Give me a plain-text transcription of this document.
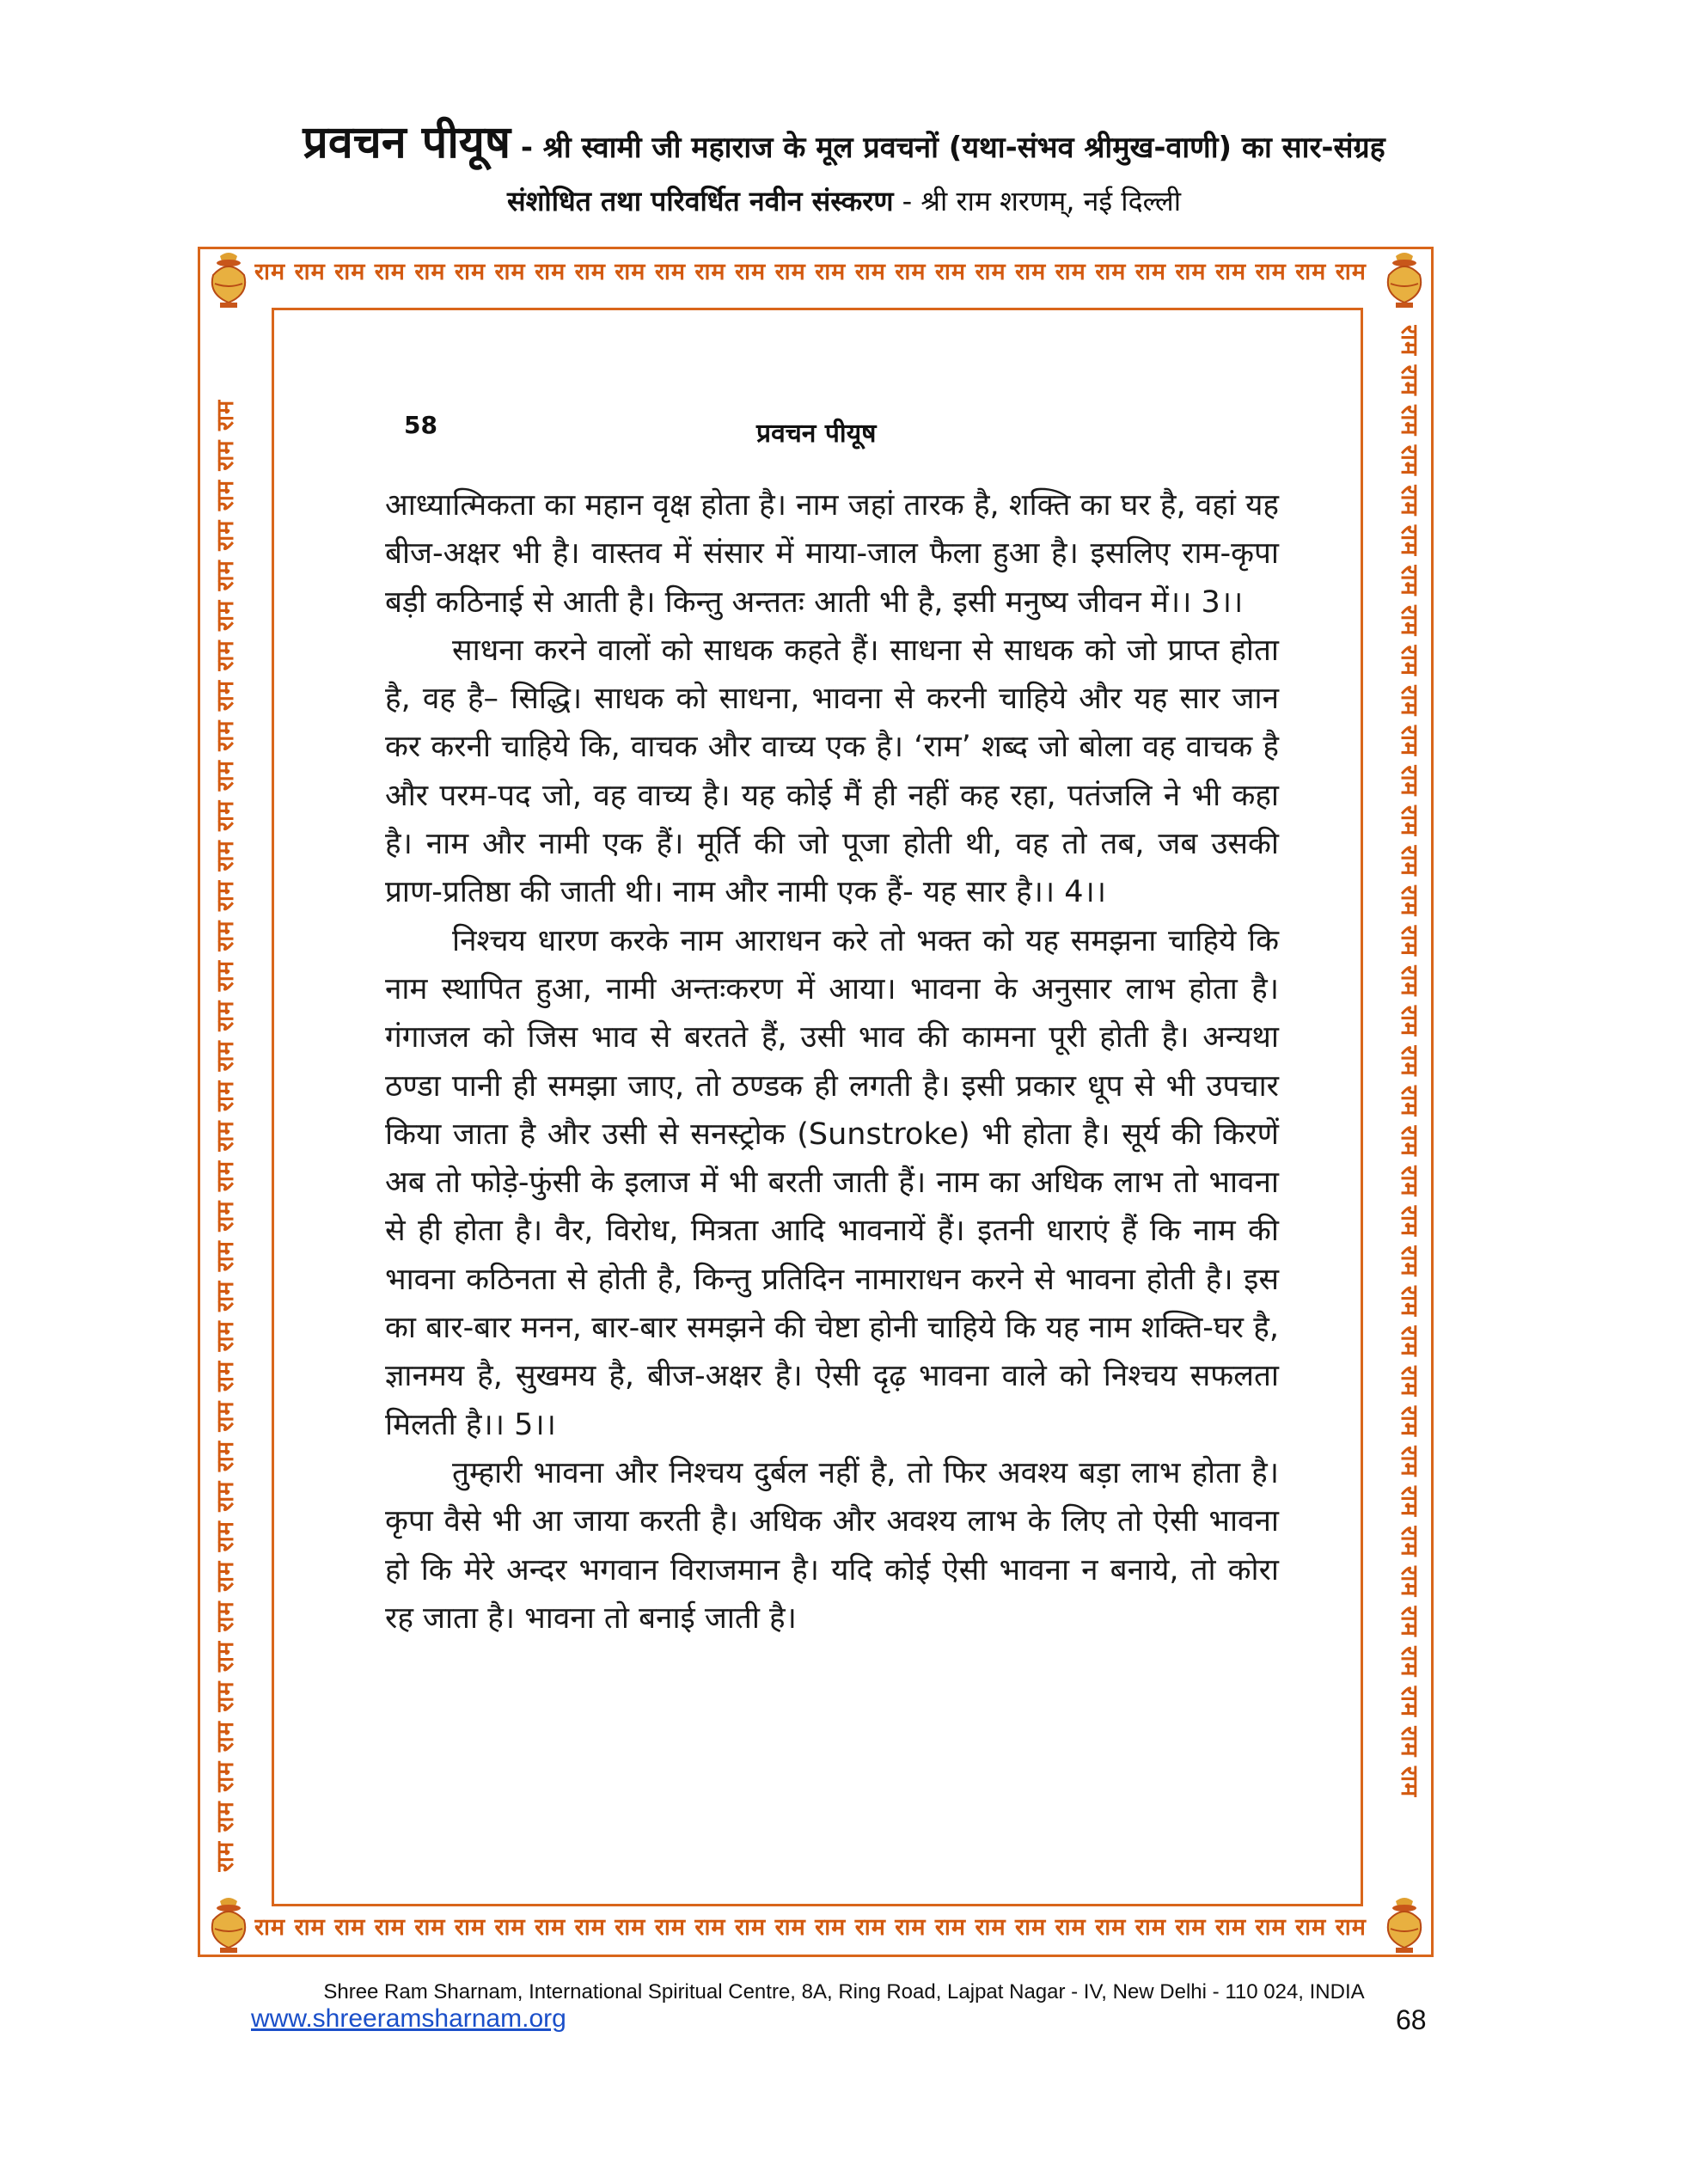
प्रवचन पीयूष - श्री स्वामी जी महाराज के मूल प्रवचनों (यथा-संभव श्रीमुख-वाणी) का सार-संग्रह
संशोधित तथा परिवर्धित नवीन संस्करण - श्री राम शरणम्, नई दिल्ली
राम राम राम राम राम राम राम राम राम राम राम राम राम राम राम राम राम राम राम राम राम राम राम राम राम राम राम राम
राम राम राम राम राम राम राम राम राम राम राम राम राम राम राम राम राम राम राम राम राम राम राम राम राम राम राम राम
राम राम राम राम राम राम राम राम राम राम राम राम राम राम राम राम राम राम राम राम राम राम राम राम राम राम राम राम राम राम राम राम राम राम राम राम राम	राम राम राम राम राम राम राम राम राम राम राम राम राम राम राम राम राम राम राम राम राम राम राम राम राम राम राम राम राम राम राम राम राम राम राम राम राम
58	प्रवचन पीयूष

आध्यात्मिकता का महान वृक्ष होता है। नाम जहां तारक है, शक्ति का घर है, वहां यह बीज-अक्षर भी है। वास्तव में संसार में माया-जाल फैला हुआ है। इसलिए राम-कृपा बड़ी कठिनाई से आती है। किन्तु अन्ततः आती भी है, इसी मनुष्य जीवन में।। 3।।

साधना करने वालों को साधक कहते हैं। साधना से साधक को जो प्राप्त होता है, वह है– सिद्धि। साधक को साधना, भावना से करनी चाहिये और यह सार जान कर करनी चाहिये कि, वाचक और वाच्य एक है। ‘राम’ शब्द जो बोला वह वाचक है और परम-पद जो, वह वाच्य है। यह कोई मैं ही नहीं कह रहा, पतंजलि ने भी कहा है। नाम और नामी एक हैं। मूर्ति की जो पूजा होती थी, वह तो तब, जब उसकी प्राण-प्रतिष्ठा की जाती थी। नाम और नामी एक हैं- यह सार है।। 4।।

निश्चय धारण करके नाम आराधन करे तो भक्त को यह समझना चाहिये कि नाम स्थापित हुआ, नामी अन्तःकरण में आया। भावना के अनुसार लाभ होता है। गंगाजल को जिस भाव से बरतते हैं, उसी भाव की कामना पूरी होती है। अन्यथा ठण्डा पानी ही समझा जाए, तो ठण्डक ही लगती है। इसी प्रकार धूप से भी उपचार किया जाता है और उसी से सनस्ट्रोक (Sunstroke) भी होता है। सूर्य की किरणें अब तो फोड़े-फुंसी के इलाज में भी बरती जाती हैं। नाम का अधिक लाभ तो भावना से ही होता है। वैर, विरोध, मित्रता आदि भावनायें हैं। इतनी धाराएं हैं कि नाम की भावना कठिनता से होती है, किन्तु प्रतिदिन नामाराधन करने से भावना होती है। इस का बार-बार मनन, बार-बार समझने की चेष्टा होनी चाहिये कि यह नाम शक्ति-घर है, ज्ञानमय है, सुखमय है, बीज-अक्षर है। ऐसी दृढ़ भावना वाले को निश्चय सफलता मिलती है।। 5।।

तुम्हारी भावना और निश्चय दुर्बल नहीं है, तो फिर अवश्य बड़ा लाभ होता है। कृपा वैसे भी आ जाया करती है। अधिक और अवश्य लाभ के लिए तो ऐसी भावना हो कि मेरे अन्दर भगवान विराजमान है। यदि कोई ऐसी भावना न बनाये, तो कोरा रह जाता है। भावना तो बनाई जाती है।

Shree Ram Sharnam, International Spiritual Centre, 8A, Ring Road, Lajpat Nagar - IV, New Delhi - 110 024, INDIA
www.shreeramsharnam.org	68
